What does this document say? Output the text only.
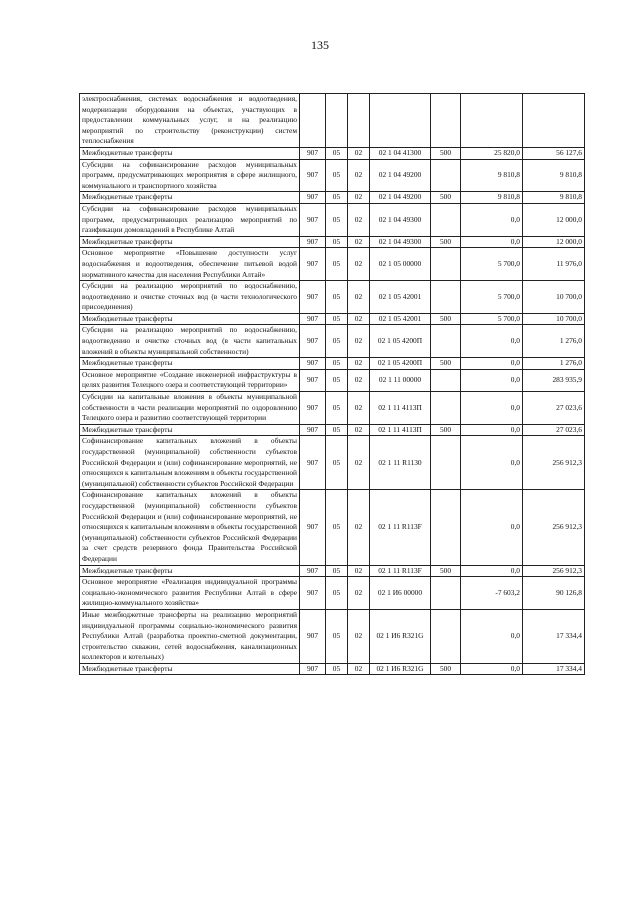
135
электроснабжения, системах водоснабжения и водоотведения, модернизации оборудования на объектах, участвующих в предоставлении коммунальных услуг, и на реализацию мероприятий по строительству (реконструкции) систем теплоснабжения							
Межбюджетные трансферты	907	05	02	02 1 04 41300	500	25 820,0	56 127,6
Субсидии на софинансирование расходов муниципальных программ, предусматривающих мероприятия в сфере жилищного, коммунального и транспортного хозяйства	907	05	02	02 1 04 49200		9 810,8	9 810,8
Межбюджетные трансферты	907	05	02	02 1 04 49200	500	9 810,8	9 810,8
Субсидии на софинансирование расходов муниципальных программ, предусматривающих реализацию мероприятий по газификации домовладений в Республике Алтай	907	05	02	02 1 04 49300		0,0	12 000,0
Межбюджетные трансферты	907	05	02	02 1 04 49300	500	0,0	12 000,0
Основное мероприятие «Повышение доступности услуг водоснабжения и водоотведения, обеспечение питьевой водой нормативного качества для населения Республики Алтай»	907	05	02	02 1 05 00000		5 700,0	11 976,0
Субсидии на реализацию мероприятий по водоснабжению, водоотведению и очистке сточных вод (в части технологического присоединения)	907	05	02	02 1 05 42001		5 700,0	10 700,0
Межбюджетные трансферты	907	05	02	02 1 05 42001	500	5 700,0	10 700,0
Субсидии на реализацию мероприятий по водоснабжению, водоотведению и очистке сточных вод (в части капитальных вложений в объекты муниципальной собственности)	907	05	02	02 1 05 4200П		0,0	1 276,0
Межбюджетные трансферты	907	05	02	02 1 05 4200П	500	0,0	1 276,0
Основное мероприятие «Создание инженерной инфраструктуры в целях развития Телецкого озера и соответствующей территории»	907	05	02	02 1 11 00000		0,0	283 935,9
Субсидии на капитальные вложения в объекты муниципальной собственности в части реализации мероприятий по оздоровлению Телецкого озера и развитию соответствующей территории	907	05	02	02 1 11 4113П		0,0	27 023,6
Межбюджетные трансферты	907	05	02	02 1 11 4113П	500	0,0	27 023,6
Софинансирование капитальных вложений в объекты государственной (муниципальной) собственности субъектов Российской Федерации и (или) софинансирование мероприятий, не относящихся к капитальным вложениям в объекты государственной (муниципальной) собственности субъектов Российской Федерации	907	05	02	02 1 11 R1130		0,0	256 912,3
Софинансирование капитальных вложений в объекты государственной (муниципальной) собственности субъектов Российской Федерации и (или) софинансирование мероприятий, не относящихся к капитальным вложениям в объекты государственной (муниципальной) собственности субъектов Российской Федерации за счет средств резервного фонда Правительства Российской Федерации	907	05	02	02 1 11 R113F		0,0	256 912,3
Межбюджетные трансферты	907	05	02	02 1 11 R113F	500	0,0	256 912,3
Основное мероприятие «Реализация индивидуальной программы социально-экономического развития Республики Алтай в сфере жилищно-коммунального хозяйства»	907	05	02	02 1 И6 00000		-7 603,2	90 126,8
Иные межбюджетные трансферты на реализацию мероприятий индивидуальной программы социально-экономического развития Республики Алтай (разработка проектно-сметной документации, строительство скважин, сетей водоснабжения, канализационных коллекторов и котельных)	907	05	02	02 1 И6 R321G		0,0	17 334,4
Межбюджетные трансферты	907	05	02	02 1 И6 R321G	500	0,0	17 334,4
